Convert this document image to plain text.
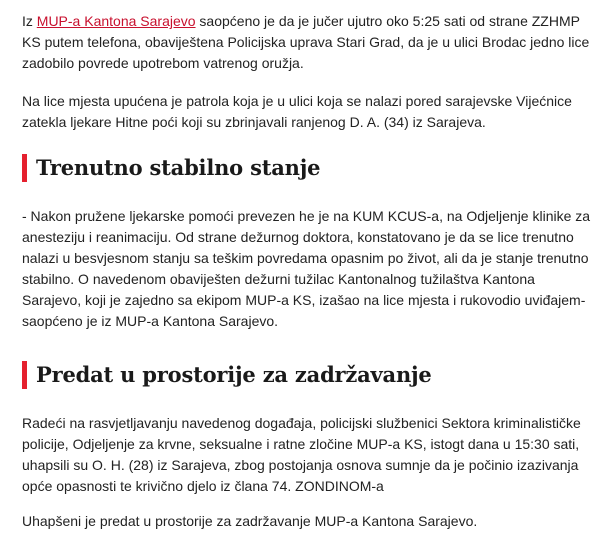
Iz MUP-a Kantona Sarajevo saopćeno je da je jučer ujutro oko 5:25 sati od strane ZZHMP KS putem telefona, obaviještena Policijska uprava Stari Grad, da je u ulici Brodac jedno lice zadobilo povrede upotrebom vatrenog oružja.

Na lice mjesta upućena je patrola koja je u ulici koja se nalazi pored sarajevske Vijećnice zatekla ljekare Hitne poći koji su zbrinjavali ranjenog D. A. (34) iz Sarajeva.

Trenutno stabilno stanje

- Nakon pružene ljekarske pomoći prevezen he je na KUM KCUS-a, na Odjeljenje klinike za anesteziju i reanimaciju. Od strane dežurnog doktora, konstatovano je da se lice trenutno nalazi u besvjesnom stanju sa teškim povredama opasnim po život, ali da je stanje trenutno stabilno. O navedenom obaviješten dežurni tužilac Kantonalnog tužilaštva Kantona Sarajevo, koji je zajedno sa ekipom MUP-a KS, izašao na lice mjesta i rukovodio uviđajem- saopćeno je iz MUP-a Kantona Sarajevo.

Predat u prostorije za zadržavanje

Radeći na rasvjetljavanju navedenog događaja, policijski službenici Sektora kriminalističke policije, Odjeljenje za krvne, seksualne i ratne zločine MUP-a KS, istogt dana u 15:30 sati, uhapsili su O. H. (28) iz Sarajeva, zbog postojanja osnova sumnje da je počinio izazivanja opće opasnosti te krivično djelo iz člana 74. ZONDINOM-a

Uhapšeni je predat u prostorije za zadržavanje MUP-a Kantona Sarajevo.
